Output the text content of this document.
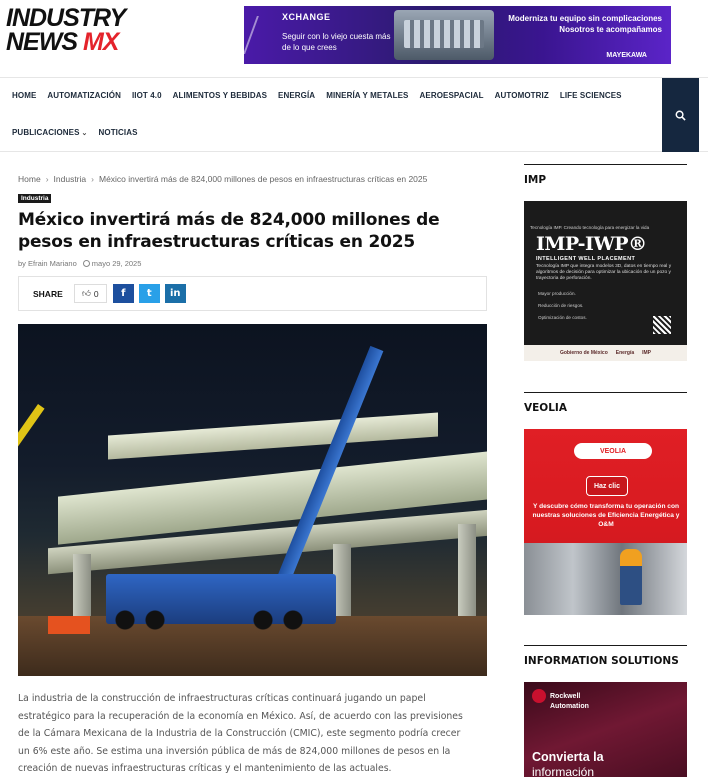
INDUSTRY
NEWS MX
XCHANGE
Seguir con lo viejo cuesta más de lo que crees
Moderniza tu equipo sin complicaciones Nosotros te acompañamos
MAYEKAWA
HOME AUTOMATIZACIÓN IIOT 4.0 ALIMENTOS Y BEBIDAS ENERGÍA MINERÍA Y METALES AEROESPACIAL AUTOMOTRIZ LIFE SCIENCES
PUBLICACIONES ⌄ NOTICIAS
Home › Industria › México invertirá más de 824,000 millones de pesos en infraestructuras críticas en 2025
Industria
México invertirá más de 824,000 millones de pesos en infraestructuras críticas en 2025
by Efrain Mariano mayo 29, 2025
SHARE 👍︎ 0 f t in

La industria de la construcción de infraestructuras críticas continuará jugando un papel estratégico para la recuperación de la economía en México. Así, de acuerdo con las previsiones de la Cámara Mexicana de la Industria de la Construcción (CMIC), este segmento podría crecer un 6% este año. Se estima una inversión pública de más de 824,000 millones de pesos en la creación de nuevas infraestructuras críticas y el mantenimiento de las actuales.

IMP
Tecnología IMP. Creando tecnología para energizar la vida
IMP-IWP®
INTELLIGENT WELL PLACEMENT
Tecnología IMP que integra modelos 3D, datos en tiempo real y algoritmos de decisión para optimizar la ubicación de un pozo y trayectoria de perforación.
Mayor producción.
Reducción de riesgos.
Optimización de costos.
Gobierno de México Energía IMP
VEOLIA
VEOLIA
Haz clic
Y descubre cómo transforma tu operación con nuestras soluciones de Eficiencia Energética y O&M
INFORMATION SOLUTIONS
Rockwell
Automation
Convierta la
información
